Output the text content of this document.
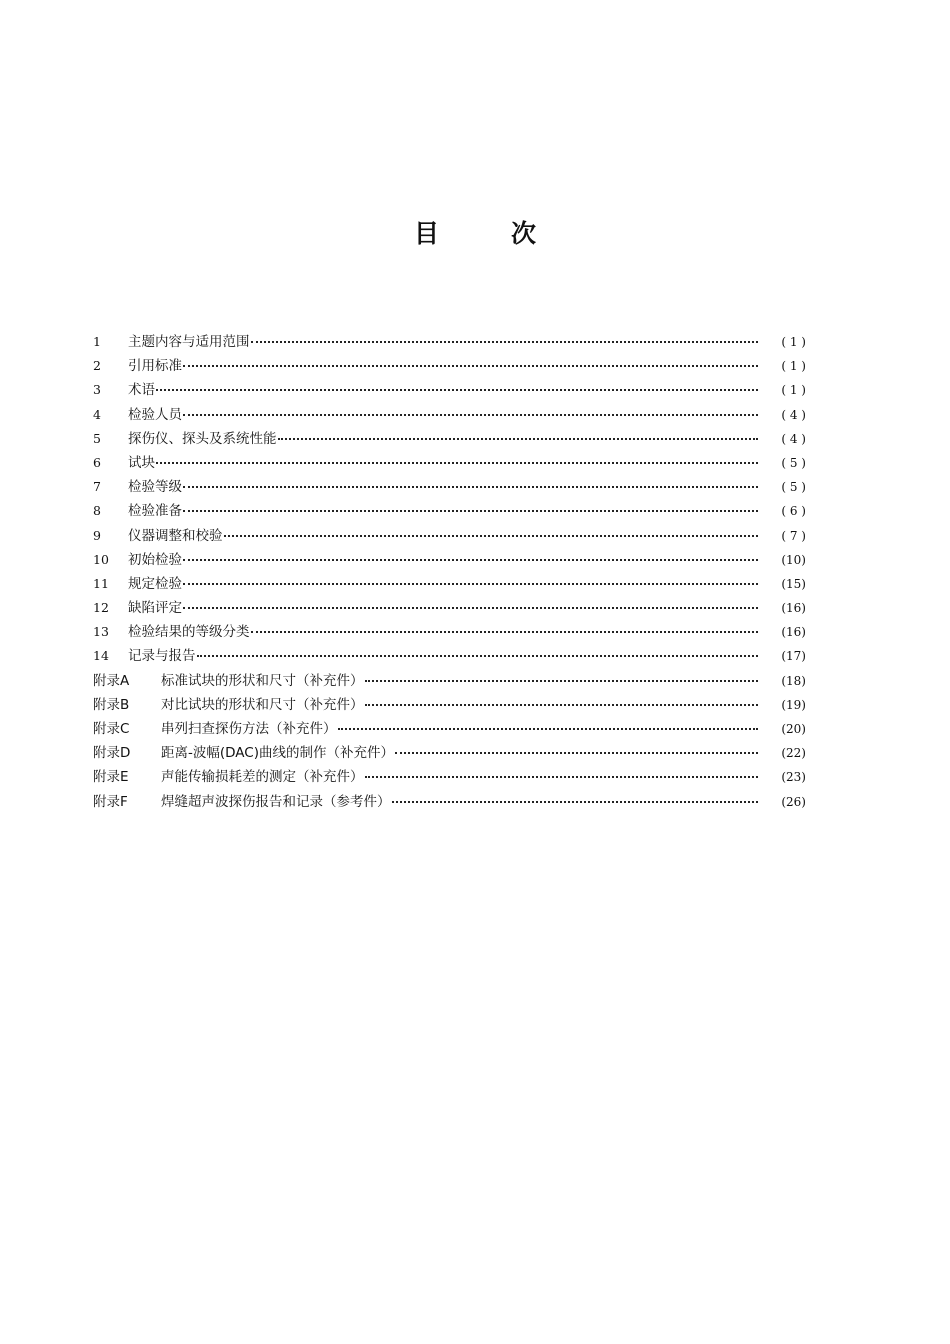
目	次
1	主题内容与适用范围	( 1 )
2	引用标准	( 1 )
3	术语	( 1 )
4	检验人员	( 4 )
5	探伤仪、探头及系统性能	( 4 )
6	试块	( 5 )
7	检验等级	( 5 )
8	检验准备	( 6 )
9	仪器调整和校验	( 7 )
10	初始检验	(10)
11	规定检验	(15)
12	缺陷评定	(16)
13	检验结果的等级分类	(16)
14	记录与报告	(17)
附录A	标准试块的形状和尺寸（补充件）	(18)
附录B	对比试块的形状和尺寸（补充件）	(19)
附录C	串列扫查探伤方法（补充件）	(20)
附录D	距离-波幅(DAC)曲线的制作（补充件）	(22)
附录E	声能传输损耗差的测定（补充件）	(23)
附录F	焊缝超声波探伤报告和记录（参考件）	(26)
